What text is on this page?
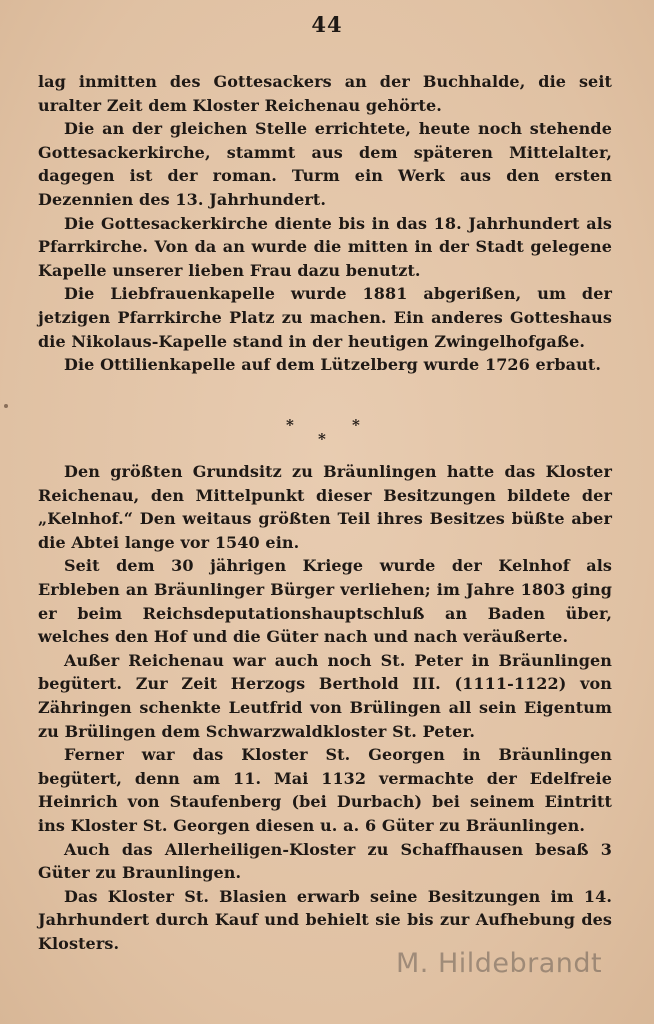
44

lag inmitten des Gottesackers an der Buchhalde, die seit uralter Zeit dem Kloster Reichenau gehörte.

Die an der gleichen Stelle errichtete, heute noch stehende Gottesackerkirche, stammt aus dem späteren Mittelalter, dagegen ist der roman. Turm ein Werk aus den ersten Dezennien des 13. Jahrhundert.

Die Gottesackerkirche diente bis in das 18. Jahrhundert als Pfarrkirche. Von da an wurde die mitten in der Stadt gelegene Kapelle unserer lieben Frau dazu benutzt.

Die Liebfrauenkapelle wurde 1881 abgerißen, um der jetzigen Pfarrkirche Platz zu machen. Ein anderes Gotteshaus die Nikolaus-Kapelle stand in der heutigen Zwingelhofgaße.

Die Ottilienkapelle auf dem Lützelberg wurde 1726 erbaut.

*	*
*

Den größten Grundsitz zu Bräunlingen hatte das Kloster Reichenau, den Mittelpunkt dieser Besitzungen bildete der „Kelnhof.“ Den weitaus größten Teil ihres Besitzes büßte aber die Abtei lange vor 1540 ein.

Seit dem 30 jährigen Kriege wurde der Kelnhof als Erbleben an Bräunlinger Bürger verliehen; im Jahre 1803 ging er beim Reichsdeputationshauptschluß an Baden über, welches den Hof und die Güter nach und nach veräußerte.

Außer Reichenau war auch noch St. Peter in Bräunlingen begütert. Zur Zeit Herzogs Berthold III. (1111-1122) von Zähringen schenkte Leutfrid von Brülingen all sein Eigentum zu Brülingen dem Schwarzwaldkloster St. Peter.

Ferner war das Kloster St. Georgen in Bräunlingen begütert, denn am 11. Mai 1132 vermachte der Edelfreie Heinrich von Staufenberg (bei Durbach) bei seinem Eintritt ins Kloster St. Georgen diesen u. a. 6 Güter zu Bräunlingen.

Auch das Allerheiligen-Kloster zu Schaffhausen besaß 3 Güter zu Braunlingen.

Das Kloster St. Blasien erwarb seine Besitzungen im 14. Jahrhundert durch Kauf und behielt sie bis zur Aufhebung des Klosters.

M. Hildebrandt
